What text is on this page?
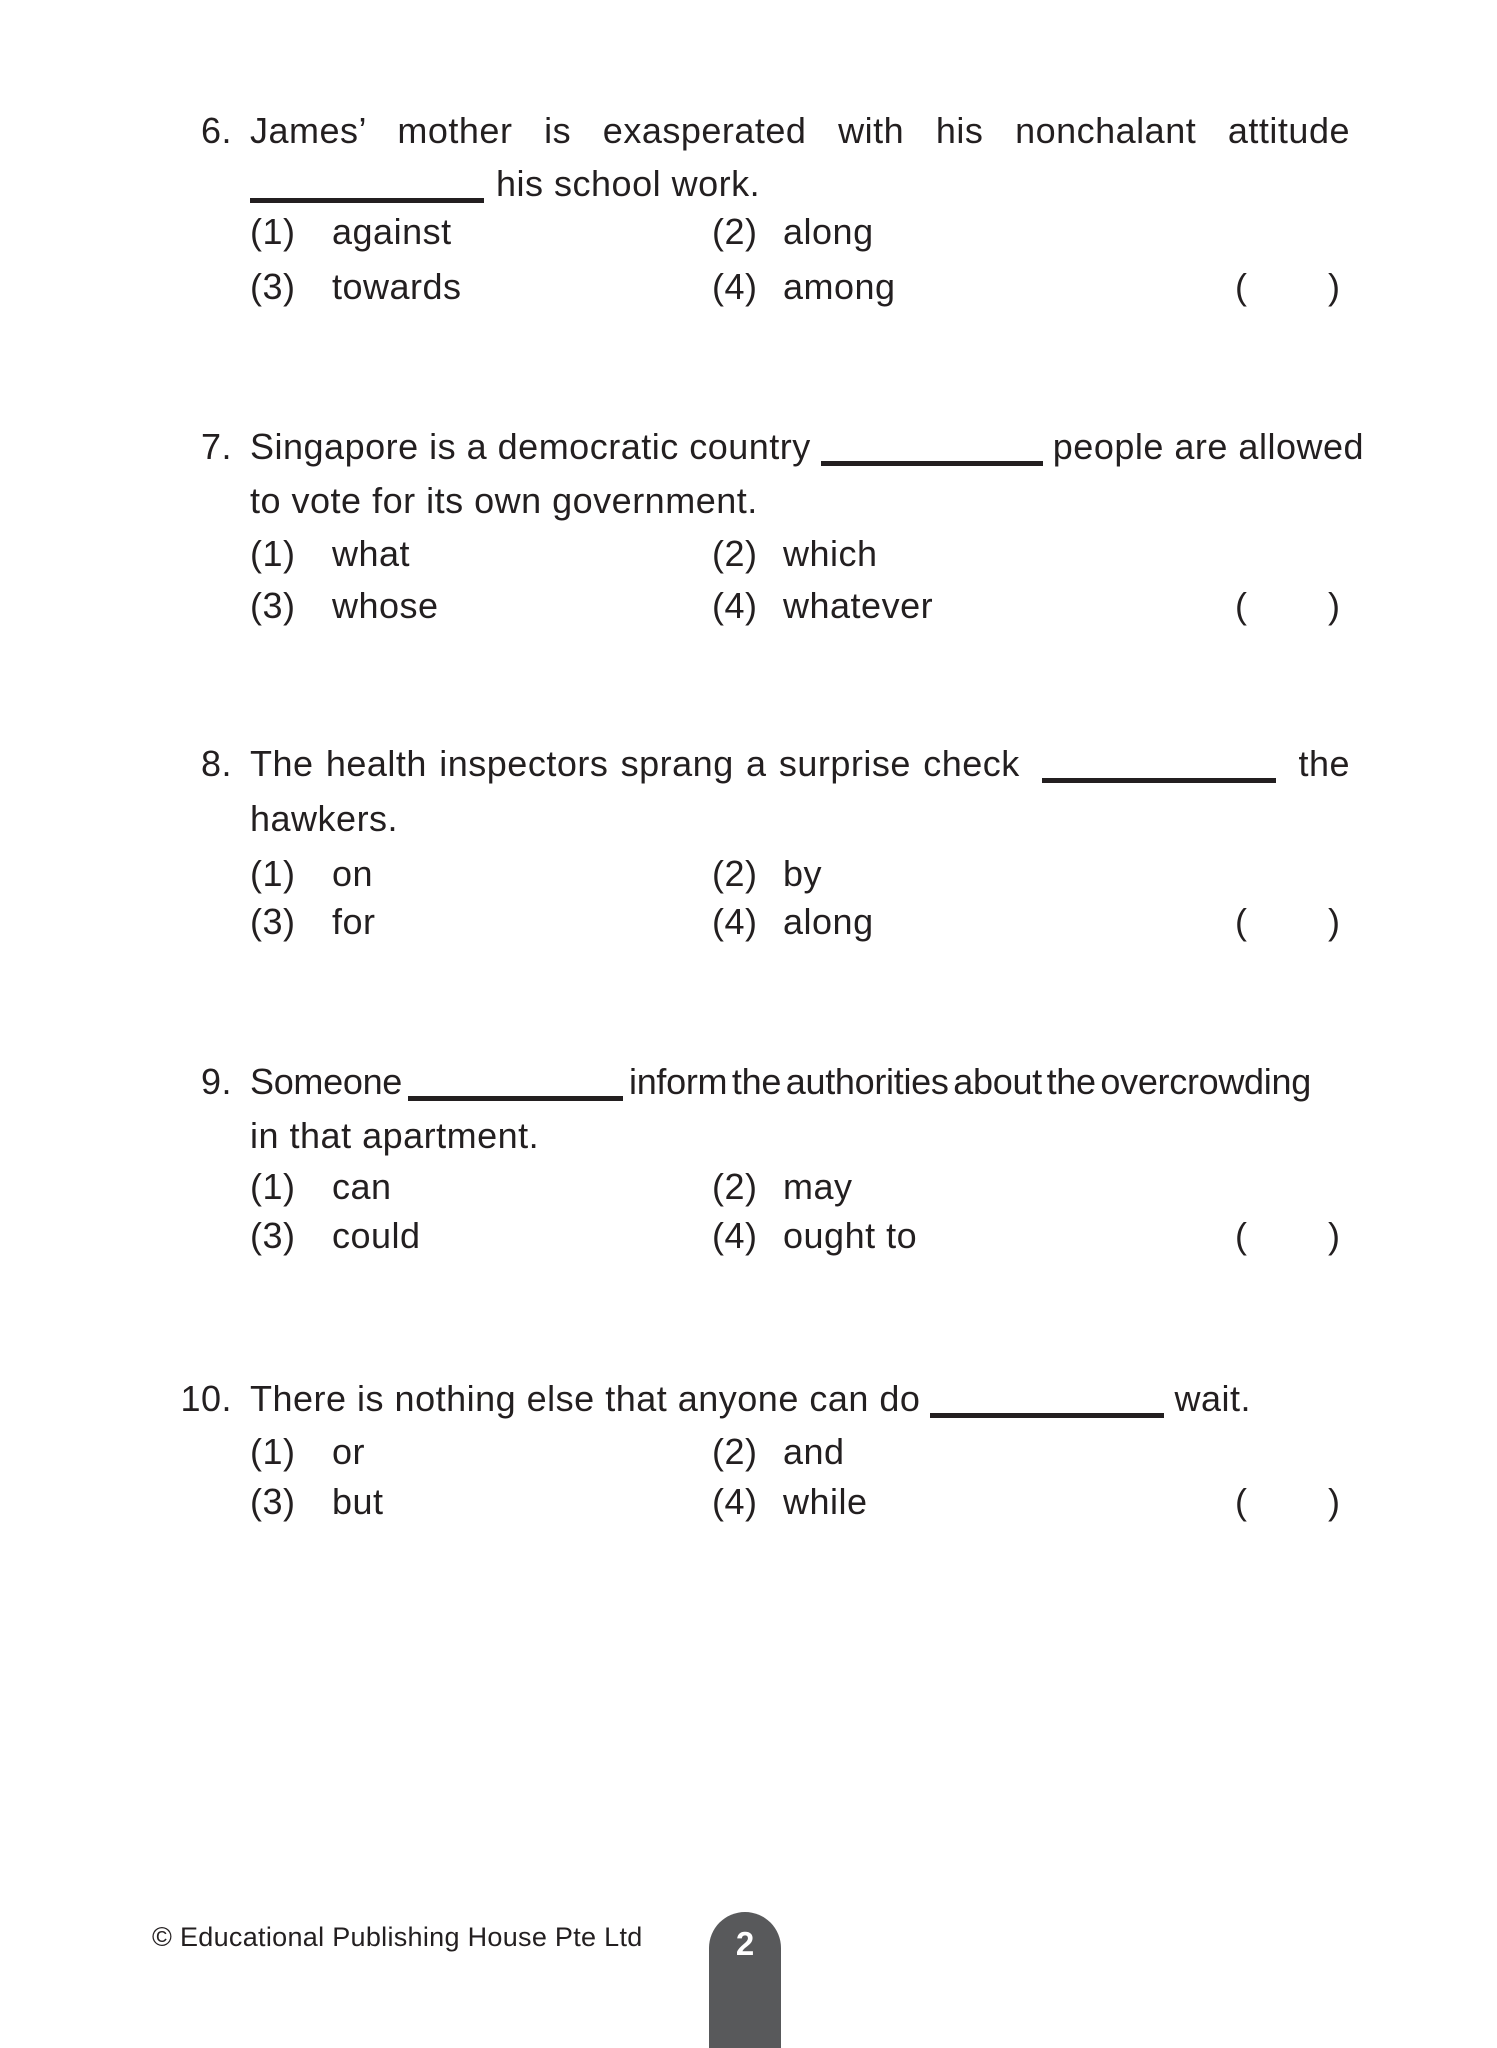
6. James’ mother is exasperated with his nonchalant attitude
his school work.
(1) against	(2) along
(3) towards	(4) among	( )
7. Singapore is a democratic country	people are allowed
to vote for its own government.
(1) what	(2) which
(3) whose	(4) whatever	( )
8. The health inspectors sprang a surprise check	the
hawkers.
(1) on	(2) by
(3) for	(4) along	( )
9. Someone	inform the authorities about the overcrowding
in that apartment.
(1) can	(2) may
(3) could	(4) ought to	( )
10. There is nothing else that anyone can do	wait.
(1) or	(2) and
(3) but	(4) while	( )
© Educational Publishing House Pte Ltd	2
